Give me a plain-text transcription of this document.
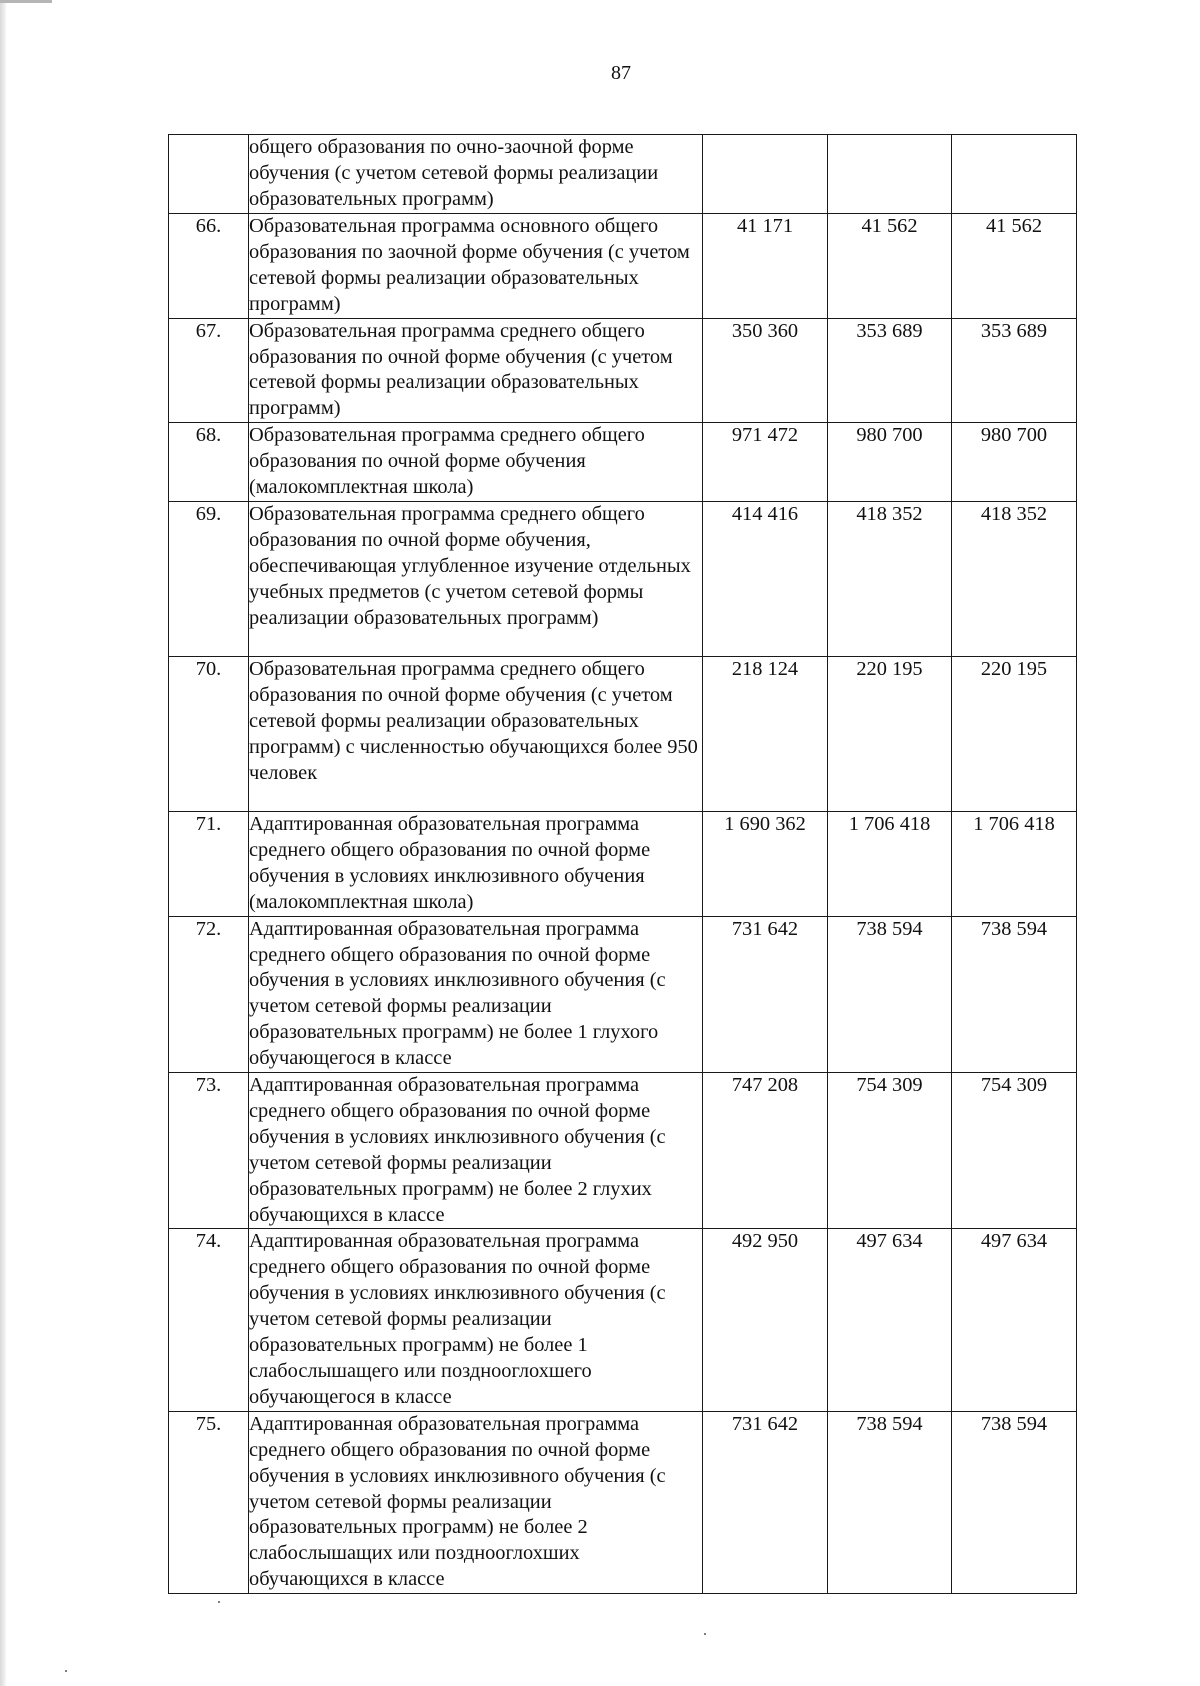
87
	общего образования по очно-заочной форме обучения (с учетом сетевой формы реализации образовательных программ)			
66.	Образовательная программа основного общего образования по заочной форме обучения (с учетом сетевой формы реализации образовательных программ)	41 171	41 562	41 562
67.	Образовательная программа среднего общего образования по очной форме обучения (с учетом сетевой формы реализации образовательных программ)	350 360	353 689	353 689
68.	Образовательная программа среднего общего образования по очной форме обучения (малокомплектная школа)	971 472	980 700	980 700
69.	Образовательная программа среднего общего образования по очной форме обучения, обеспечивающая углубленное изучение отдельных учебных предметов (с учетом сетевой формы реализации образовательных программ)	414 416	418 352	418 352
70.	Образовательная программа среднего общего образования по очной форме обучения (с учетом сетевой формы реализации образовательных программ) с численностью обучающихся более 950 человек	218 124	220 195	220 195
71.	Адаптированная образовательная программа среднего общего образования по очной форме обучения в условиях инклюзивного обучения (малокомплектная школа)	1 690 362	1 706 418	1 706 418
72.	Адаптированная образовательная программа среднего общего образования по очной форме обучения в условиях инклюзивного обучения (с учетом сетевой формы реализации образовательных программ) не более 1 глухого обучающегося в классе	731 642	738 594	738 594
73.	Адаптированная образовательная программа среднего общего образования по очной форме обучения в условиях инклюзивного обучения (с учетом сетевой формы реализации образовательных программ) не более 2 глухих обучающихся в классе	747 208	754 309	754 309
74.	Адаптированная образовательная программа среднего общего образования по очной форме обучения в условиях инклюзивного обучения (с учетом сетевой формы реализации образовательных программ) не более 1 слабослышащего или позднооглохшего обучающегося в классе	492 950	497 634	497 634
75.	Адаптированная образовательная программа среднего общего образования по очной форме обучения в условиях инклюзивного обучения (с учетом сетевой формы реализации образовательных программ) не более 2 слабослышащих или позднооглохших обучающихся в классе	731 642	738 594	738 594
